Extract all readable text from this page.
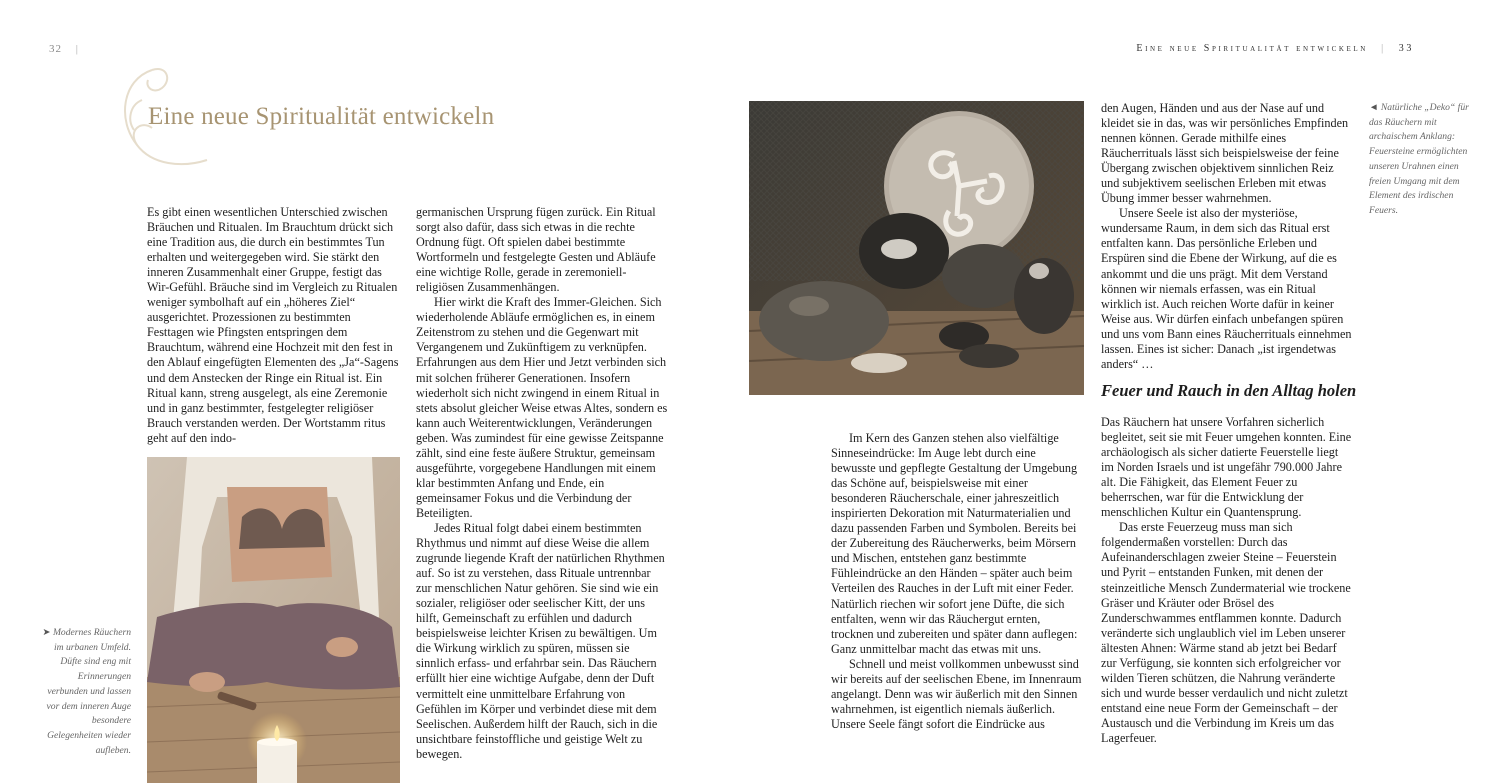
32 |	Eine neue Spiritualität entwickeln | 33
Eine neue Spiritualität entwickeln

Es gibt einen wesentlichen Unterschied zwischen Bräuchen und Ritualen. Im Brauchtum drückt sich eine Tradition aus, die durch ein bestimmtes Tun erhalten und weitergegeben wird. Sie stärkt den inneren Zusammenhalt einer Gruppe, festigt das Wir-Gefühl. Bräuche sind im Vergleich zu Ritualen weniger symbolhaft auf ein „höheres Ziel“ ausgerichtet. Prozessionen zu bestimmten Festtagen wie Pfingsten entspringen dem Brauchtum, während eine Hochzeit mit den fest in den Ablauf eingefügten Elementen des „Ja“-Sagens und dem Anstecken der Ringe ein Ritual ist. Ein Ritual kann, streng ausgelegt, als eine Zeremonie und in ganz bestimmter, festgelegter religiöser Brauch verstanden werden. Der Wortstamm ritus geht auf den indo-

germanischen Ursprung fügen zurück. Ein Ritual sorgt also dafür, dass sich etwas in die rechte Ordnung fügt. Oft spielen dabei bestimmte Wortformeln und festgelegte Gesten und Abläufe eine wichtige Rolle, gerade in zeremoniell-religiösen Zusammenhängen.

Hier wirkt die Kraft des Immer-Gleichen. Sich wiederholende Abläufe ermöglichen es, in einem Zeitenstrom zu stehen und die Gegenwart mit Vergangenem und Zukünftigem zu verknüpfen. Erfahrungen aus dem Hier und Jetzt verbinden sich mit solchen früherer Generationen. Insofern wiederholt sich nicht zwingend in einem Ritual in stets absolut gleicher Weise etwas Altes, sondern es kann auch Weiterentwicklungen, Veränderungen geben. Was zumindest für eine gewisse Zeitspanne zählt, sind eine feste äußere Struktur, gemeinsam ausgeführte, vorgegebene Handlungen mit einem klar bestimmten Anfang und Ende, ein gemeinsamer Fokus und die Verbindung der Beteiligten.

Jedes Ritual folgt dabei einem bestimmten Rhythmus und nimmt auf diese Weise die allem zugrunde liegende Kraft der natürlichen Rhythmen auf. So ist zu verstehen, dass Rituale untrennbar zur menschlichen Natur gehören. Sie sind wie ein sozialer, religiöser oder seelischer Kitt, der uns hilft, Gemeinschaft zu erfühlen und dadurch beispielsweise leichter Krisen zu bewältigen. Um die Wirkung wirklich zu spüren, müssen sie sinnlich erfass- und erfahrbar sein. Das Räuchern erfüllt hier eine wichtige Aufgabe, denn der Duft vermittelt eine unmittelbare Erfahrung von Gefühlen im Körper und verbindet diese mit dem Seelischen. Außerdem hilft der Rauch, sich in die unsichtbare feinstoffliche und geistige Welt zu bewegen.

➤ Modernes Räuchern im urbanen Umfeld. Düfte sind eng mit Erinnerungen verbunden und lassen vor dem inneren Auge besondere Gelegenheiten wieder aufleben.

Im Kern des Ganzen stehen also vielfältige Sinneseindrücke: Im Auge lebt durch eine bewusste und gepflegte Gestaltung der Umgebung das Schöne auf, beispielsweise mit einer besonderen Räucherschale, einer jahreszeitlich inspirierten Dekoration mit Naturmaterialien und dazu passenden Farben und Symbolen. Bereits bei der Zubereitung des Räucherwerks, beim Mörsern und Mischen, entstehen ganz bestimmte Fühleindrücke an den Händen – später auch beim Verteilen des Rauches in der Luft mit einer Feder. Natürlich riechen wir sofort jene Düfte, die sich entfalten, wenn wir das Räuchergut ernten, trocknen und zubereiten und später dann auflegen: Ganz unmittelbar macht das etwas mit uns.

Schnell und meist vollkommen unbewusst sind wir bereits auf der seelischen Ebene, im Innenraum angelangt. Denn was wir äußerlich mit den Sinnen wahrnehmen, ist eigentlich niemals äußerlich. Unsere Seele fängt sofort die Eindrücke aus

den Augen, Händen und aus der Nase auf und kleidet sie in das, was wir persönliches Empfinden nennen können. Gerade mithilfe eines Räucherrituals lässt sich beispielsweise der feine Übergang zwischen objektivem sinnlichen Reiz und subjektivem seelischen Erleben mit etwas Übung immer besser wahrnehmen.

Unsere Seele ist also der mysteriöse, wundersame Raum, in dem sich das Ritual erst entfalten kann. Das persönliche Erleben und Erspüren sind die Ebene der Wirkung, auf die es ankommt und die uns prägt. Mit dem Verstand können wir niemals erfassen, was ein Ritual wirklich ist. Auch reichen Worte dafür in keiner Weise aus. Wir dürfen einfach unbefangen spüren und uns vom Bann eines Räucherrituals einnehmen lassen. Eines ist sicher: Danach „ist irgendetwas anders“ …

Feuer und Rauch in den Alltag holen

Das Räuchern hat unsere Vorfahren sicherlich begleitet, seit sie mit Feuer umgehen konnten. Eine archäologisch als sicher datierte Feuerstelle liegt im Norden Israels und ist ungefähr 790.000 Jahre alt. Die Fähigkeit, das Element Feuer zu beherrschen, war für die Entwicklung der menschlichen Kultur ein Quantensprung.

Das erste Feuerzeug muss man sich folgendermaßen vorstellen: Durch das Aufeinanderschlagen zweier Steine – Feuerstein und Pyrit – entstanden Funken, mit denen der steinzeitliche Mensch Zundermaterial wie trockene Gräser und Kräuter oder Brösel des Zunderschwammes entflammen konnte. Dadurch veränderte sich unglaublich viel im Leben unserer ältesten Ahnen: Wärme stand ab jetzt bei Bedarf zur Verfügung, sie konnten sich erfolgreicher vor wilden Tieren schützen, die Nahrung veränderte sich und wurde besser verdaulich und nicht zuletzt entstand eine neue Form der Gemeinschaft – der Austausch und die Verbindung im Kreis um das Lagerfeuer.

◄ Natürliche „Deko“ für das Räuchern mit archaischem Anklang: Feuersteine ermöglichten unseren Urahnen einen freien Umgang mit dem Element des irdischen Feuers.
